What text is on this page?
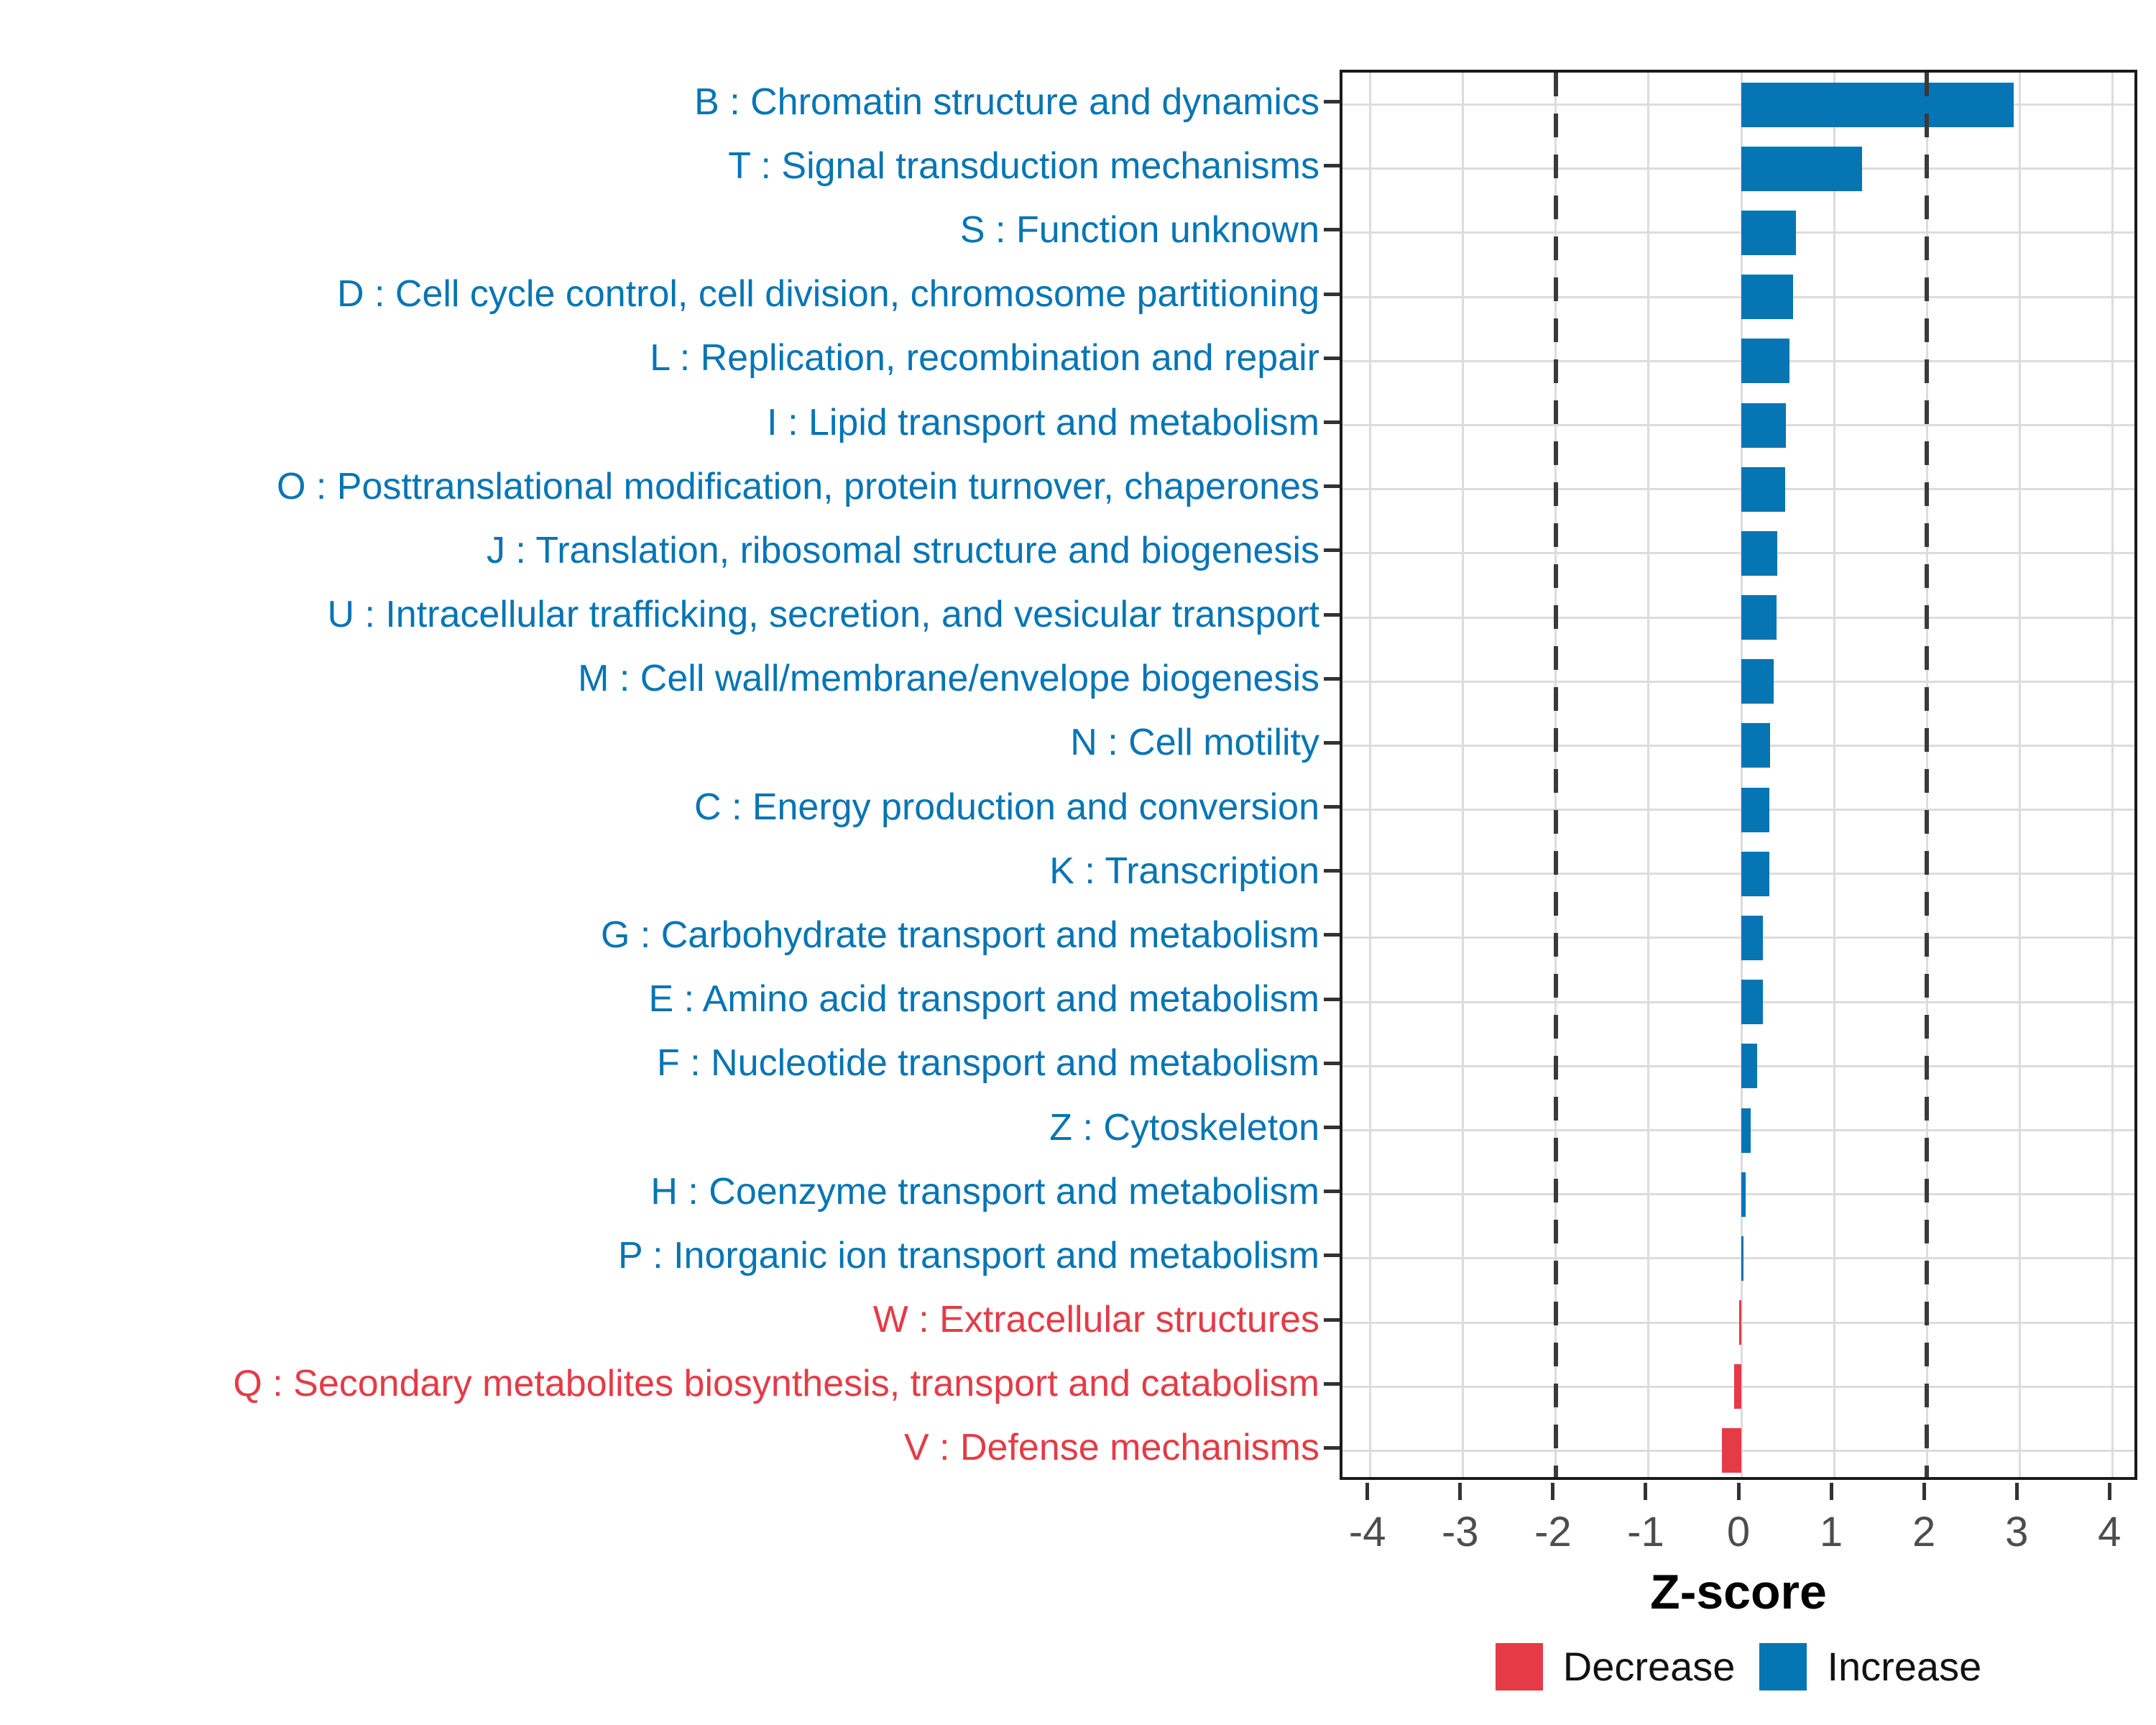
B : Chromatin structure and dynamics
T : Signal transduction mechanisms
S : Function unknown
D : Cell cycle control, cell division, chromosome partitioning
L : Replication, recombination and repair
I : Lipid transport and metabolism
O : Posttranslational modification, protein turnover, chaperones
J : Translation, ribosomal structure and biogenesis
U : Intracellular trafficking, secretion, and vesicular transport
M : Cell wall/membrane/envelope biogenesis
N : Cell motility
C : Energy production and conversion
K : Transcription
G : Carbohydrate transport and metabolism
E : Amino acid transport and metabolism
F : Nucleotide transport and metabolism
Z : Cytoskeleton
H : Coenzyme transport and metabolism
P : Inorganic ion transport and metabolism
W : Extracellular structures
Q : Secondary metabolites biosynthesis, transport and catabolism
V : Defense mechanisms
-4	-3	-2	-1	0	1	2	3	4
Z-score
Decrease Increase
